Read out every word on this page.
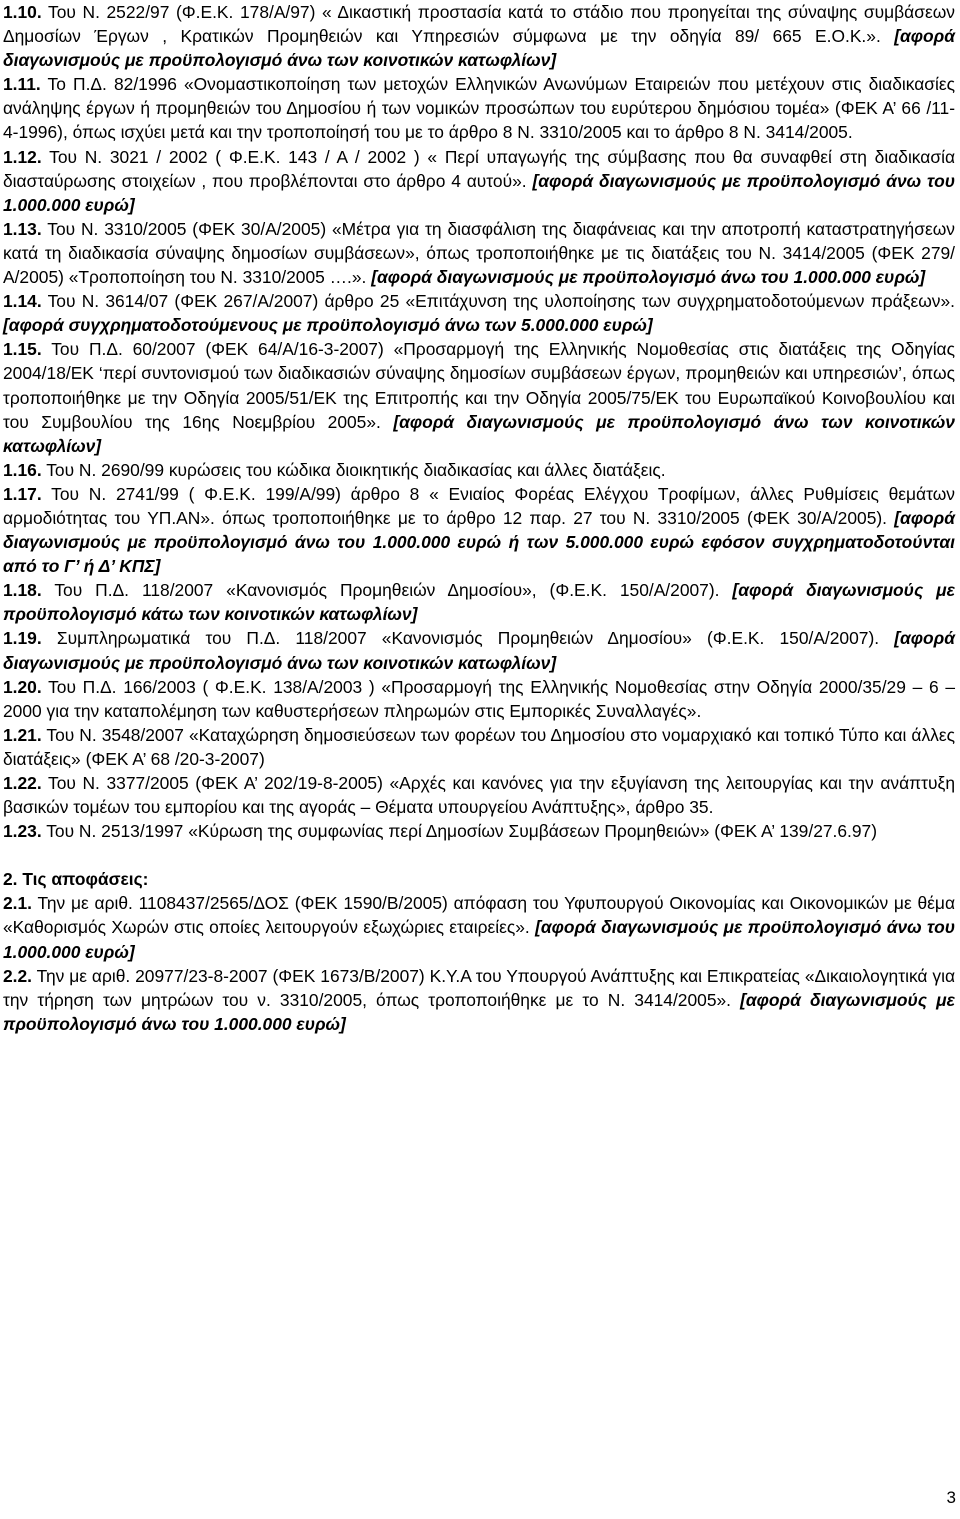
1.10. Του Ν. 2522/97 (Φ.Ε.Κ. 178/Α/97) « Δικαστική προστασία κατά το στάδιο που προηγείται της σύναψης συμβάσεων Δημοσίων Έργων , Κρατικών Προμηθειών και Υπηρεσιών σύμφωνα με την οδηγία 89/ 665 Ε.Ο.Κ.». [αφορά διαγωνισμούς με προϋπολογισμό άνω των κοινοτικών κατωφλίων]

1.11. Το Π.Δ. 82/1996 «Ονομαστικοποίηση των μετοχών Ελληνικών Ανωνύμων Εταιρειών που μετέχουν στις διαδικασίες ανάληψης έργων ή προμηθειών του Δημοσίου ή των νομικών προσώπων του ευρύτερου δημόσιου τομέα» (ΦΕΚ Α’ 66 /11-4-1996), όπως ισχύει μετά και την τροποποίησή του με το άρθρο 8 Ν. 3310/2005 και το άρθρο 8 Ν. 3414/2005.

1.12. Του Ν. 3021 / 2002 ( Φ.Ε.Κ. 143 / Α / 2002 ) « Περί υπαγωγής της σύμβασης που θα συναφθεί στη διαδικασία διασταύρωσης στοιχείων , που προβλέπονται στο άρθρο 4 αυτού». [αφορά διαγωνισμούς με προϋπολογισμό άνω του 1.000.000 ευρώ]

1.13. Του Ν. 3310/2005 (ΦΕΚ 30/Α/2005) «Μέτρα για τη διασφάλιση της διαφάνειας και την αποτροπή καταστρατηγήσεων κατά τη διαδικασία σύναψης δημοσίων συμβάσεων», όπως τροποποιήθηκε με τις διατάξεις του Ν. 3414/2005 (ΦΕΚ 279/Α/2005) «Τροποποίηση του Ν. 3310/2005 ….». [αφορά διαγωνισμούς με προϋπολογισμό άνω του 1.000.000 ευρώ]

1.14. Του Ν. 3614/07 (ΦΕΚ 267/Α/2007) άρθρο 25 «Επιτάχυνση της υλοποίησης των συγχρηματοδοτούμενων πράξεων». [αφορά συγχρηματοδοτούμενους με προϋπολογισμό άνω των 5.000.000 ευρώ]

1.15. Του Π.Δ. 60/2007 (ΦΕΚ 64/Α/16-3-2007) «Προσαρμογή της Ελληνικής Νομοθεσίας στις διατάξεις της Οδηγίας 2004/18/ΕΚ ‘περί συντονισμού των διαδικασιών σύναψης δημοσίων συμβάσεων έργων, προμηθειών και υπηρεσιών’, όπως τροποποιήθηκε με την Οδηγία 2005/51/ΕΚ της Επιτροπής και την Οδηγία 2005/75/ΕΚ του Ευρωπαϊκού Κοινοβουλίου και του Συμβουλίου της 16ης Νοεμβρίου 2005». [αφορά διαγωνισμούς με προϋπολογισμό άνω των κοινοτικών κατωφλίων]

1.16. Του Ν. 2690/99 κυρώσεις του κώδικα διοικητικής διαδικασίας και άλλες διατάξεις.

1.17. Του Ν. 2741/99 ( Φ.Ε.Κ. 199/Α/99) άρθρο 8 « Ενιαίος Φορέας Ελέγχου Τροφίμων, άλλες Ρυθμίσεις θεμάτων αρμοδιότητας του ΥΠ.ΑΝ». όπως τροποποιήθηκε με το άρθρο 12 παρ. 27 του Ν. 3310/2005 (ΦΕΚ 30/Α/2005). [αφορά διαγωνισμούς με προϋπολογισμό άνω του 1.000.000 ευρώ ή των 5.000.000 ευρώ εφόσον συγχρηματοδοτούνται από το Γ’ ή Δ’ ΚΠΣ]

1.18. Του Π.Δ. 118/2007 «Κανονισμός Προμηθειών Δημοσίου», (Φ.Ε.Κ. 150/Α/2007). [αφορά διαγωνισμούς με προϋπολογισμό κάτω των κοινοτικών κατωφλίων]

1.19. Συμπληρωματικά του Π.Δ. 118/2007 «Κανονισμός Προμηθειών Δημοσίου» (Φ.Ε.Κ. 150/Α/2007). [αφορά διαγωνισμούς με προϋπολογισμό άνω των κοινοτικών κατωφλίων]

1.20. Του Π.Δ. 166/2003 ( Φ.Ε.Κ. 138/Α/2003 ) «Προσαρμογή της Ελληνικής Νομοθεσίας στην Οδηγία 2000/35/29 – 6 – 2000 για την καταπολέμηση των καθυστερήσεων πληρωμών στις Εμπορικές Συναλλαγές».

1.21. Του Ν. 3548/2007 «Καταχώρηση δημοσιεύσεων των φορέων του Δημοσίου στο νομαρχιακό και τοπικό Τύπο και άλλες διατάξεις» (ΦΕΚ Α’ 68 /20-3-2007)

1.22. Του Ν. 3377/2005 (ΦΕΚ Α’ 202/19-8-2005) «Αρχές και κανόνες για την εξυγίανση της λειτουργίας και την ανάπτυξη βασικών τομέων του εμπορίου και της αγοράς – Θέματα υπουργείου Ανάπτυξης», άρθρο 35.

1.23. Του Ν. 2513/1997 «Κύρωση της συμφωνίας περί Δημοσίων Συμβάσεων Προμηθειών» (ΦΕΚ Α’ 139/27.6.97)

2. Τις αποφάσεις:

2.1. Την με αριθ. 1108437/2565/ΔΟΣ (ΦΕΚ 1590/Β/2005) απόφαση του Υφυπουργού Οικονομίας και Οικονομικών με θέμα «Καθορισμός Χωρών στις οποίες λειτουργούν εξωχώριες εταιρείες». [αφορά διαγωνισμούς με προϋπολογισμό άνω του 1.000.000 ευρώ]

2.2. Την με αριθ. 20977/23-8-2007 (ΦΕΚ 1673/Β/2007) Κ.Υ.Α του Υπουργού Ανάπτυξης και Επικρατείας «Δικαιολογητικά για την τήρηση των μητρώων του ν. 3310/2005, όπως τροποποιήθηκε με το Ν. 3414/2005». [αφορά διαγωνισμούς με προϋπολογισμό άνω του 1.000.000 ευρώ]

3
